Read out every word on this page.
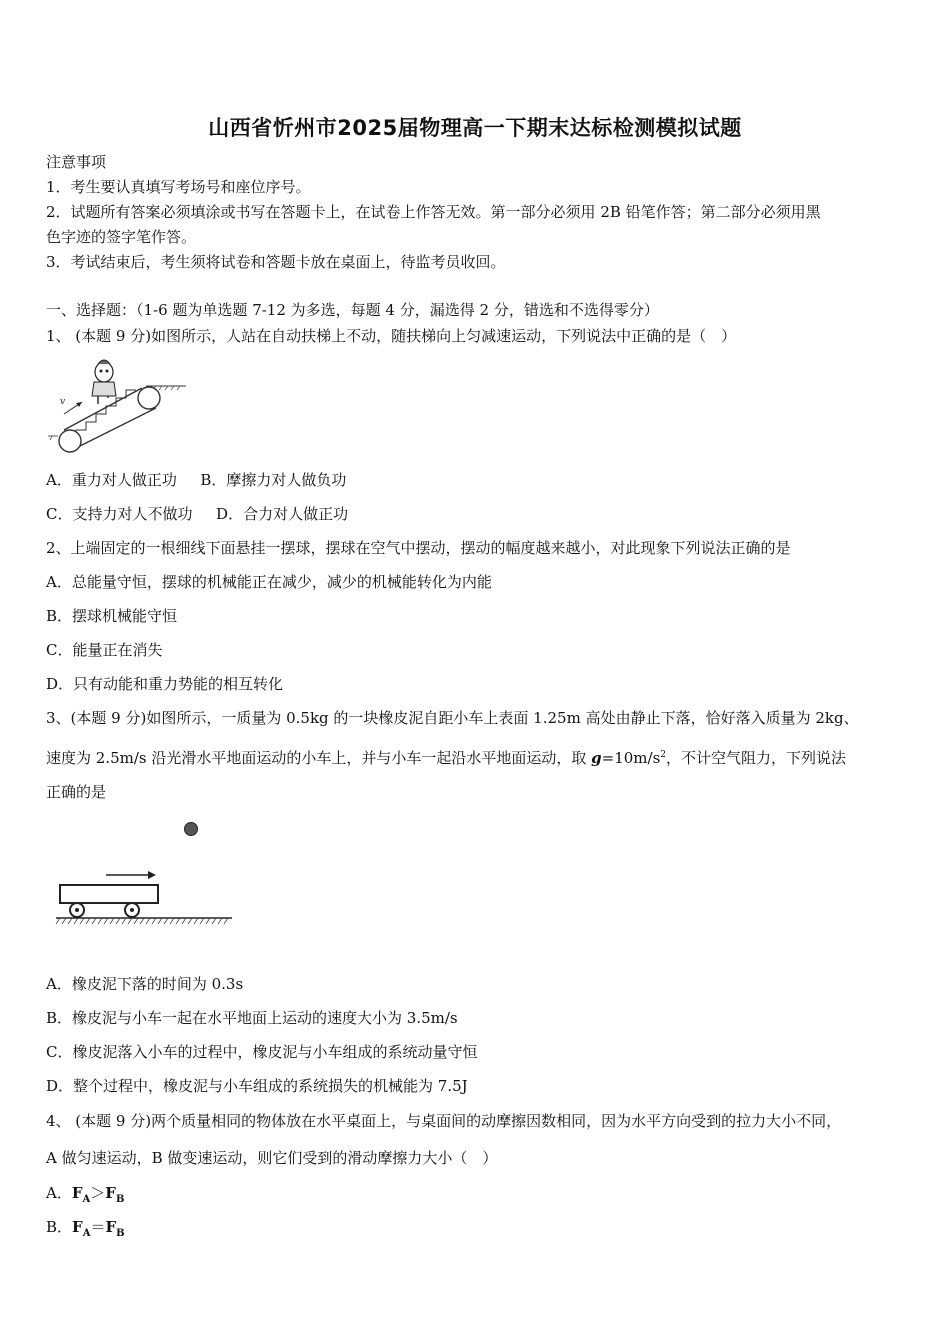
山西省忻州市2025届物理高一下期末达标检测模拟试题
注意事项
1．考生要认真填写考场号和座位序号。
2．试题所有答案必须填涂或书写在答题卡上，在试卷上作答无效。第一部分必须用 2B 铅笔作答；第二部分必须用黑
色字迹的签字笔作答。
3．考试结束后，考生须将试卷和答题卡放在桌面上，待监考员收回。
一、选择题：（1-6 题为单选题 7-12 为多选，每题 4 分，漏选得 2 分，错选和不选得零分）
1、 (本题 9 分)如图所示，人站在自动扶梯上不动，随扶梯向上匀减速运动，下列说法中正确的是（　）
v
A．重力对人做正功 B．摩擦力对人做负功
C．支持力对人不做功 D．合力对人做正功
2、上端固定的一根细线下面悬挂一摆球，摆球在空气中摆动，摆动的幅度越来越小，对此现象下列说法正确的是
A．总能量守恒，摆球的机械能正在减少，减少的机械能转化为内能
B．摆球机械能守恒
C．能量正在消失
D．只有动能和重力势能的相互转化
3、(本题 9 分)如图所示，一质量为 0.5kg 的一块橡皮泥自距小车上表面 1.25m 高处由静止下落，恰好落入质量为 2kg、
速度为 2.5m/s 沿光滑水平地面运动的小车上，并与小车一起沿水平地面运动，取 $g=10m/s^2$，不计空气阻力，下列说法
正确的是
A．橡皮泥下落的时间为 0.3s
B．橡皮泥与小车一起在水平地面上运动的速度大小为 3.5m/s
C．橡皮泥落入小车的过程中，橡皮泥与小车组成的系统动量守恒
D．整个过程中，橡皮泥与小车组成的系统损失的机械能为 7.5J
4、 (本题 9 分)两个质量相同的物体放在水平桌面上，与桌面间的动摩擦因数相同，因为水平方向受到的拉力大小不同，
A 做匀速运动，B 做变速运动，则它们受到的滑动摩擦力大小（　）
A．$F_A>F_B$
B．$F_A=F_B$
